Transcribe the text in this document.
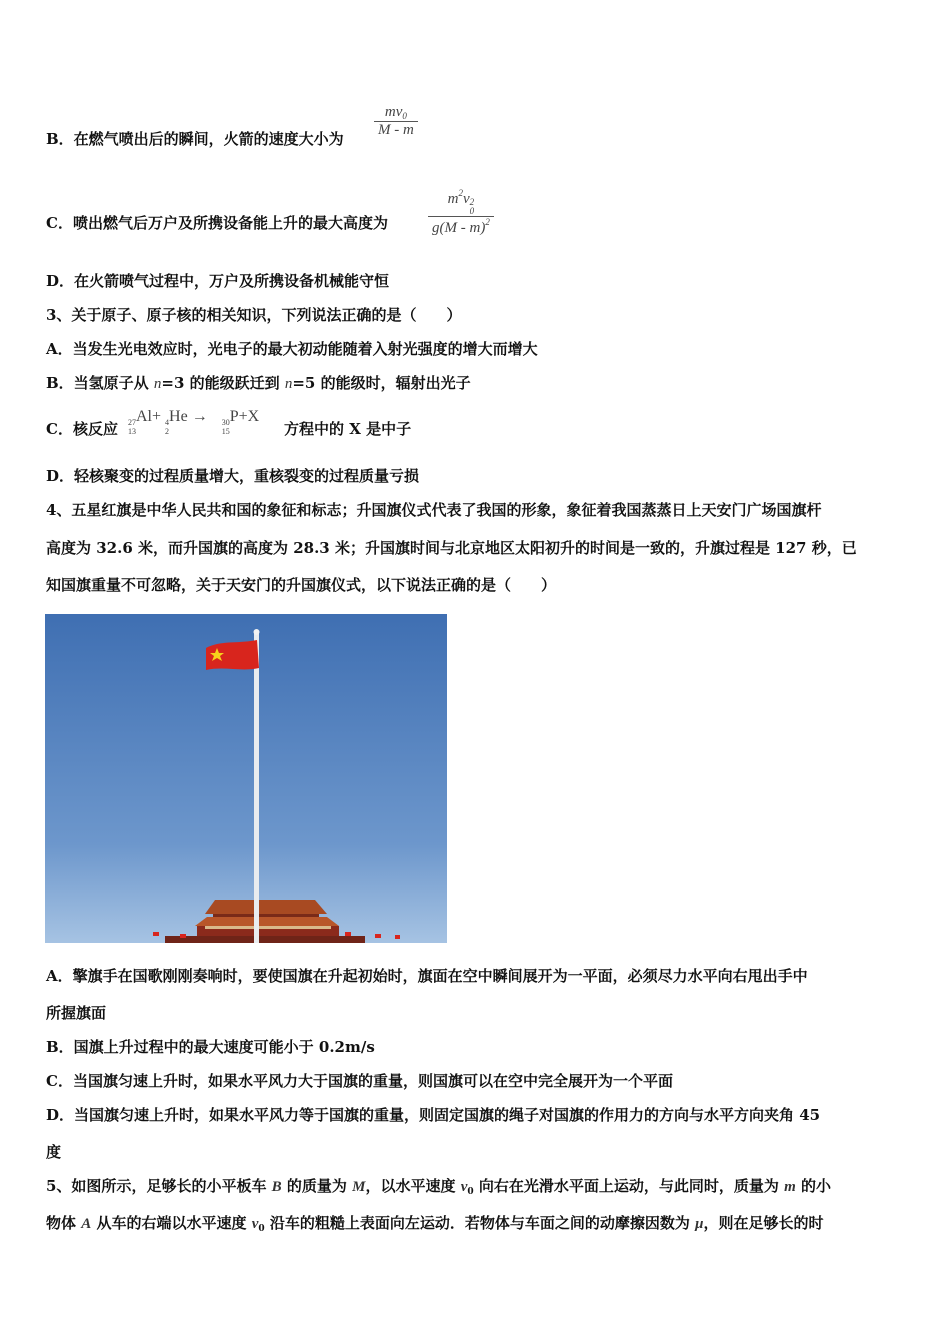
B．在燃气喷出后的瞬间，火箭的速度大小为
$mv_0$
M - m
C．喷出燃气后万户及所携设备能上升的最大高度为
$m^2v$ 2
0
g(M - m)$^2$
D．在火箭喷气过程中，万户及所携设备机械能守恒
3、关于原子、原子核的相关知识，下列说法正确的是（　　）
A．当发生光电效应时，光电子的最大初动能随着入射光强度的增大而增大
B．当氢原子从 n=3 的能级跃迁到 n=5 的能级时，辐射出光子
C．核反应 27
13
Al+ 4
2
He → 30
15
P+X
方程中的 X 是中子
D．轻核聚变的过程质量增大，重核裂变的过程质量亏损
4、五星红旗是中华人民共和国的象征和标志；升国旗仪式代表了我国的形象，象征着我国蒸蒸日上天安门广场国旗杆
高度为 32.6 米，而升国旗的高度为 28.3 米；升国旗时间与北京地区太阳初升的时间是一致的，升旗过程是 127 秒，已
知国旗重量不可忽略，关于天安门的升国旗仪式，以下说法正确的是（　　）
A．擎旗手在国歌刚刚奏响时，要使国旗在升起初始时，旗面在空中瞬间展开为一平面，必须尽力水平向右甩出手中
所握旗面
B．国旗上升过程中的最大速度可能小于 0.2m/s
C．当国旗匀速上升时，如果水平风力大于国旗的重量，则国旗可以在空中完全展开为一个平面
D．当国旗匀速上升时，如果水平风力等于国旗的重量，则固定国旗的绳子对国旗的作用力的方向与水平方向夹角 45
度
5、如图所示，足够长的小平板车 B 的质量为 M，以水平速度 $v_0$ 向右在光滑水平面上运动，与此同时，质量为 m 的小
物体 A 从车的右端以水平速度 $v_0$ 沿车的粗糙上表面向左运动．若物体与车面之间的动摩擦因数为 μ，则在足够长的时
